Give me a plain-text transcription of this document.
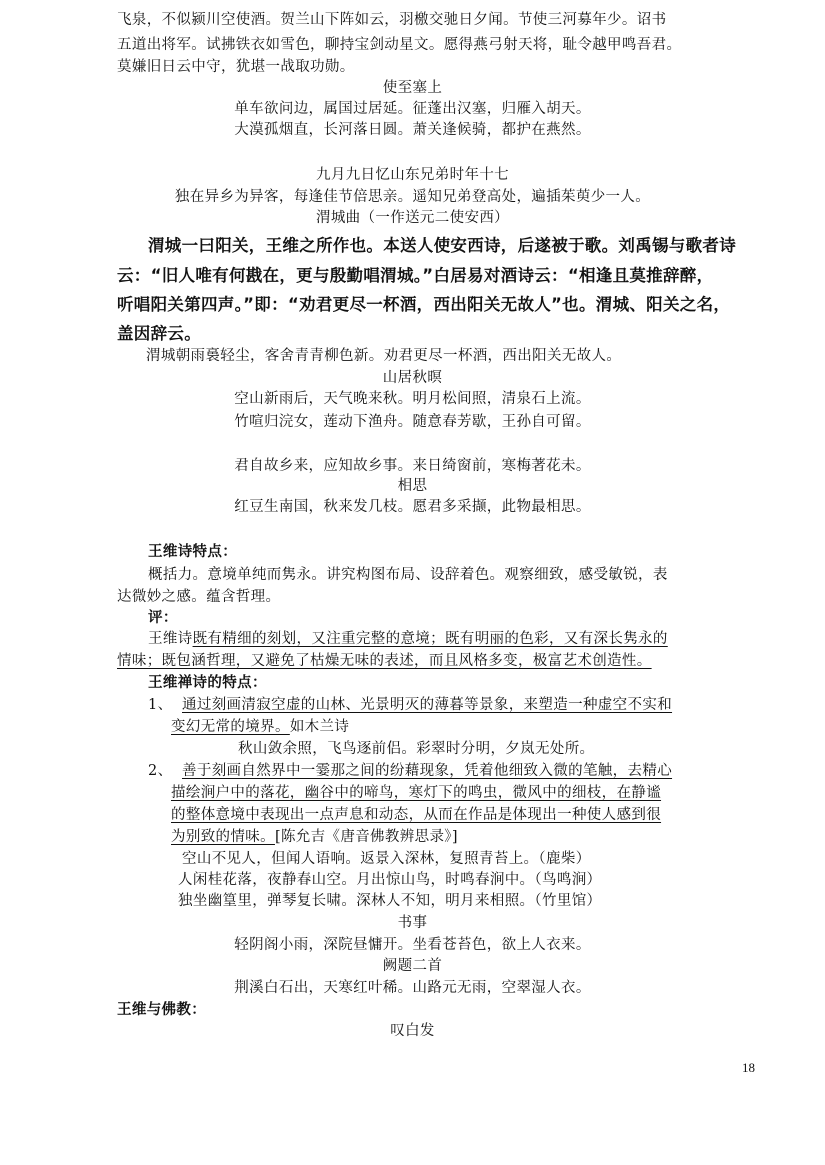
飞泉，不似颍川空使酒。贺兰山下阵如云，羽檄交驰日夕闻。节使三河募年少。诏书
五道出将军。试拂铁衣如雪色，聊持宝剑动星文。愿得燕弓射天将，耻令越甲鸣吾君。
莫嫌旧日云中守，犹堪一战取功勋。
使至塞上
单车欲问边，属国过居延。征蓬出汉塞，归雁入胡天。
大漠孤烟直，长河落日圆。萧关逢候骑，都护在燕然。
九月九日忆山东兄弟时年十七
独在异乡为异客，每逢佳节倍思亲。遥知兄弟登高处，遍插茱萸少一人。
渭城曲（一作送元二使安西）
渭城一曰阳关，王维之所作也。本送人使安西诗，后遂被于歌。刘禹锡与歌者诗
云：“旧人唯有何戡在，更与殷勤唱渭城。”白居易对酒诗云：“相逢且莫推辞醉，
听唱阳关第四声。”即：“劝君更尽一杯酒，西出阳关无故人”也。渭城、阳关之名，
盖因辞云。
渭城朝雨裛轻尘，客舍青青柳色新。劝君更尽一杯酒，西出阳关无故人。
山居秋暝
空山新雨后，天气晚来秋。明月松间照，清泉石上流。
竹喧归浣女，莲动下渔舟。随意春芳歇，王孙自可留。
君自故乡来，应知故乡事。来日绮窗前，寒梅著花未。
相思
红豆生南国，秋来发几枝。愿君多采撷，此物最相思。
王维诗特点：
概括力。意境单纯而隽永。讲究构图布局、设辞着色。观察细致，感受敏锐，表
达微妙之感。蕴含哲理。
评：
王维诗既有精细的刻划，又注重完整的意境；既有明丽的色彩，又有深长隽永的
情味；既包涵哲理，又避免了枯燥无味的表述，而且风格多变，极富艺术创造性。
王维禅诗的特点：
1、 通过刻画清寂空虚的山林、光景明灭的薄暮等景象，来塑造一种虚空不实和
变幻无常的境界。如木兰诗
秋山敛余照，飞鸟逐前侣。彩翠时分明，夕岚无处所。
2、 善于刻画自然界中一霎那之间的纷藉现象，凭着他细致入微的笔触，去精心
描绘涧户中的落花，幽谷中的啼鸟，寒灯下的鸣虫，微风中的细枝，在静谧
的整体意境中表现出一点声息和动态，从而在作品是体现出一种使人感到很
为别致的情味。[陈允吉《唐音佛教辨思录》]
空山不见人，但闻人语响。返景入深林，复照青苔上。（鹿柴）
人闲桂花落，夜静春山空。月出惊山鸟，时鸣春涧中。（鸟鸣涧）
独坐幽篁里，弹琴复长啸。深林人不知，明月来相照。（竹里馆）
书事
轻阴阁小雨，深院昼慵开。坐看苍苔色，欲上人衣来。
阙题二首
荆溪白石出，天寒红叶稀。山路元无雨，空翠湿人衣。
王维与佛教：
叹白发
18
